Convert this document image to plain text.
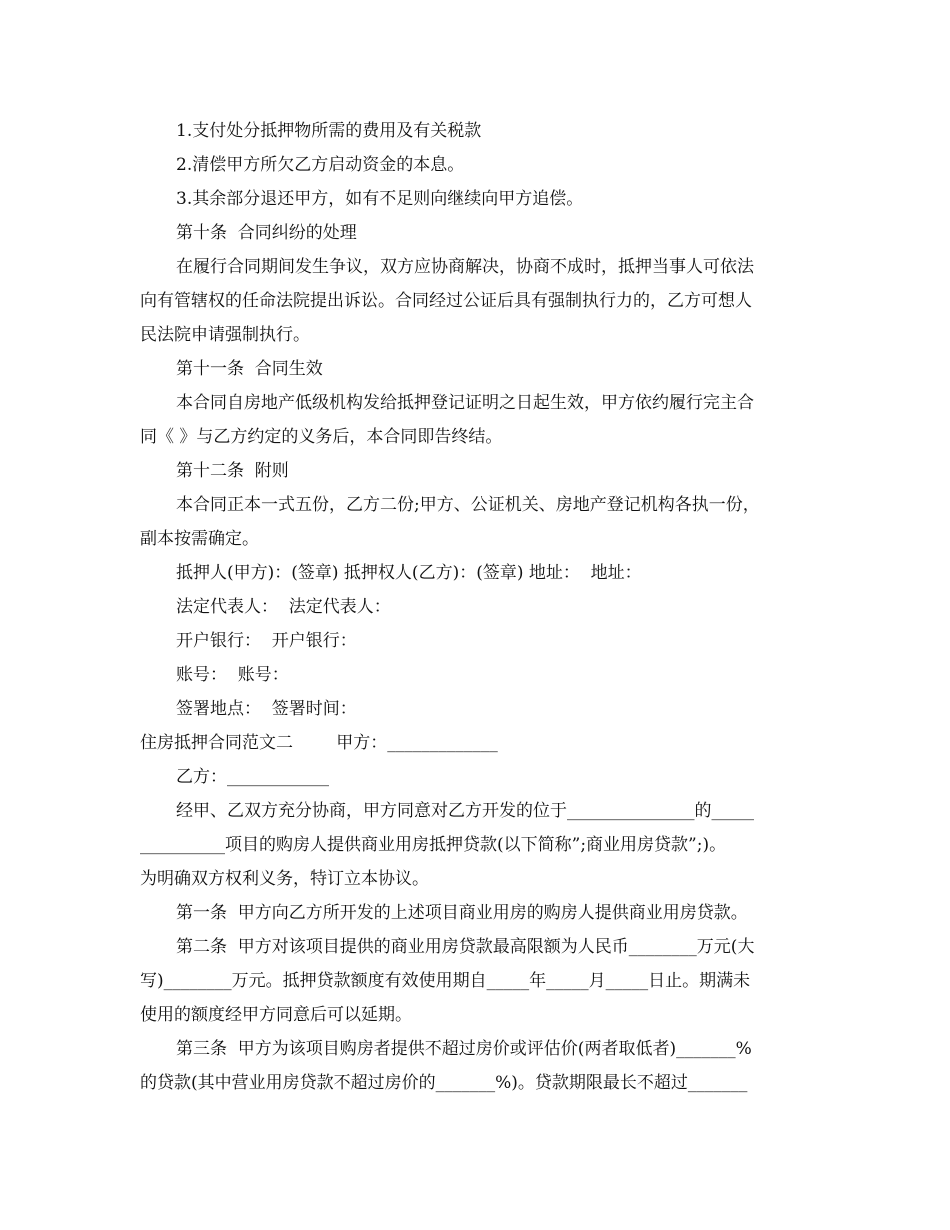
1.支付处分抵押物所需的费用及有关税款
2.清偿甲方所欠乙方启动资金的本息。
3.其余部分退还甲方，如有不足则向继续向甲方追偿。
第十条  合同纠纷的处理
在履行合同期间发生争议，双方应协商解决，协商不成时，抵押当事人可依法
向有管辖权的任命法院提出诉讼。合同经过公证后具有强制执行力的，乙方可想人
民法院申请强制执行。
第十一条  合同生效
本合同自房地产低级机构发给抵押登记证明之日起生效，甲方依约履行完主合
同《 》与乙方约定的义务后，本合同即告终结。
第十二条  附则
本合同正本一式五份，乙方二份;甲方、公证机关、房地产登记机构各执一份，
副本按需确定。
抵押人(甲方)：(签章) 抵押权人(乙方)：(签章) 地址：  地址：
法定代表人：  法定代表人：
开户银行：  开户银行：
账号：  账号：
签署地点：  签署时间：
住房抵押合同范文二        甲方：_____________
乙方：____________
经甲、乙双方充分协商，甲方同意对乙方开发的位于_______________的_____
__________项目的购房人提供商业用房抵押贷款(以下简称”;商业用房贷款”;)。
为明确双方权利义务，特订立本协议。
第一条  甲方向乙方所开发的上述项目商业用房的购房人提供商业用房贷款。
第二条  甲方对该项目提供的商业用房贷款最高限额为人民币________万元(大
写)________万元。抵押贷款额度有效使用期自_____年_____月_____日止。期满未
使用的额度经甲方同意后可以延期。
第三条  甲方为该项目购房者提供不超过房价或评估价(两者取低者)_______%
的贷款(其中营业用房贷款不超过房价的_______%)。贷款期限最长不超过_______
